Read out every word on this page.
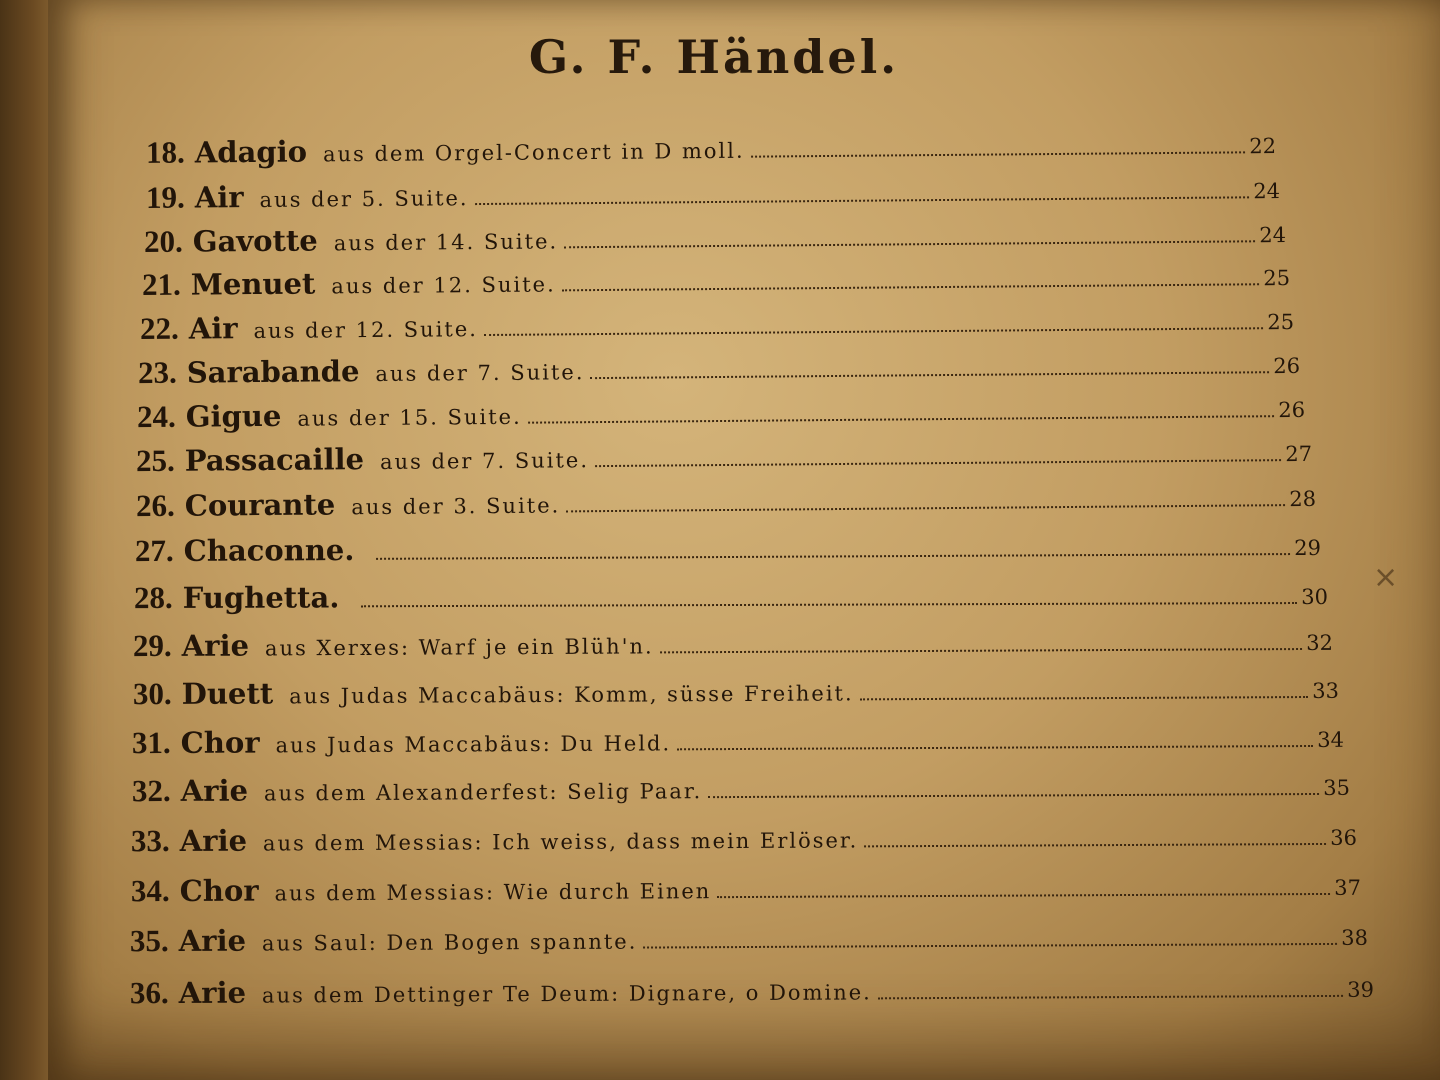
G. F. Händel.
18. Adagio aus dem Orgel-Concert in D moll.	22
19. Air aus der 5. Suite.	24
20. Gavotte aus der 14. Suite.	24
21. Menuet aus der 12. Suite.	25
22. Air aus der 12. Suite.	25
23. Sarabande aus der 7. Suite.	26
24. Gigue aus der 15. Suite.	26
25. Passacaille aus der 7. Suite.	27
26. Courante aus der 3. Suite.	28
27. Chaconne.	29
28. Fughetta.	30
29. Arie aus Xerxes: Warf je ein Blüh'n.	32
30. Duett aus Judas Maccabäus: Komm, süsse Freiheit.	33
31. Chor aus Judas Maccabäus: Du Held.	34
32. Arie aus dem Alexanderfest: Selig Paar.	35
33. Arie aus dem Messias: Ich weiss, dass mein Erlöser.	36
34. Chor aus dem Messias: Wie durch Einen	37
35. Arie aus Saul: Den Bogen spannte.	38
36. Arie aus dem Dettinger Te Deum: Dignare, o Domine.	39
×
